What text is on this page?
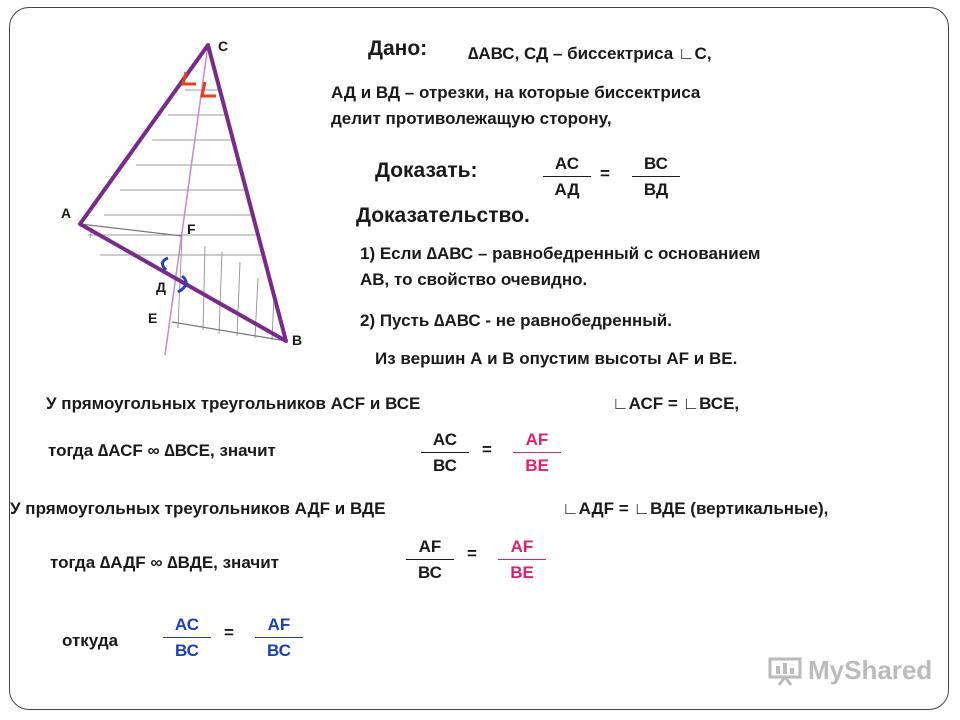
С
А
F
Д
Е
В
Дано: ∆АВС, СД – биссектриса ∟С,
АД и ВД – отрезки, на которые биссектриса
делит противолежащую сторону,
Доказать:	АС
АД
=
ВС
ВД
Доказательство.
1) Если ∆АВС – равнобедренный с основанием
АВ, то свойство очевидно.
2) Пусть ∆АВС - не равнобедренный.
Из вершин А и В опустим высоты АF и ВЕ.
У прямоугольных треугольников АСF и ВСЕ	∟АСF = ∟ВСЕ,
тогда ∆АСF ∞ ∆ВСЕ, значит
АС
ВС
=
АF
ВЕ
У прямоугольных треугольников АДF и ВДЕ	∟АДF = ∟ВДЕ (вертикальные),
тогда ∆АДF ∞ ∆ВДЕ, значит
АF
ВС
=	АF
ВЕ
откуда
АС
ВС
=	АF
ВС
MyShared
